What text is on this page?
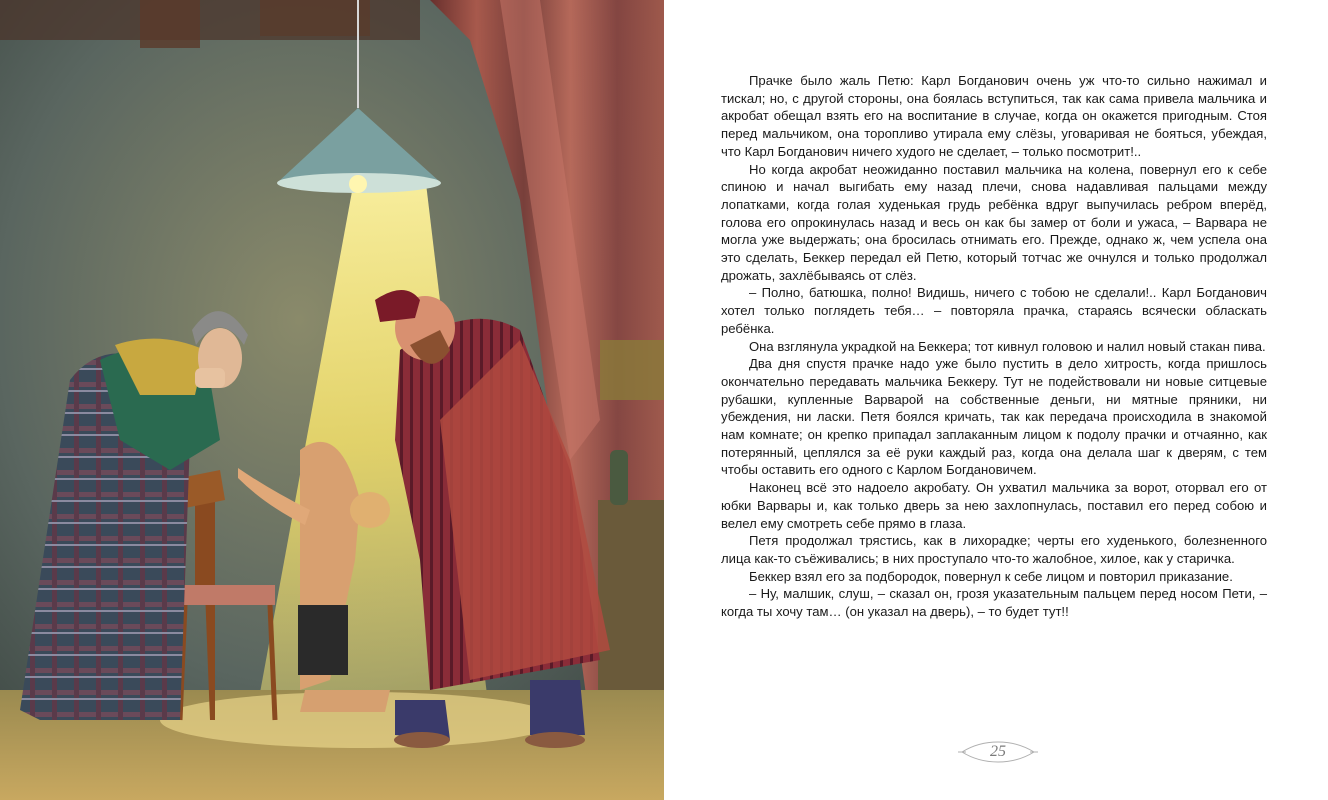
Прачке было жаль Петю: Карл Богданович очень уж что-то сильно нажимал и тискал; но, с другой стороны, она боялась вступиться, так как сама привела мальчика и акробат обещал взять его на воспитание в случае, когда он окажется пригодным. Стоя перед мальчиком, она торопливо утирала ему слёзы, уговаривая не бояться, убеждая, что Карл Богданович ничего худого не сделает, – только посмотрит!..

Но когда акробат неожиданно поставил мальчика на колена, повернул его к себе спиною и начал выгибать ему назад плечи, снова надавливая пальцами между лопатками, когда голая худенькая грудь ребёнка вдруг выпучилась ребром вперёд, голова его опрокинулась назад и весь он как бы замер от боли и ужаса, – Варвара не могла уже выдержать; она бросилась отнимать его. Прежде, однако ж, чем успела она это сделать, Беккер передал ей Петю, который тотчас же очнулся и только продолжал дрожать, захлёбываясь от слёз.

– Полно, батюшка, полно! Видишь, ничего с тобою не сделали!.. Карл Богданович хотел только поглядеть тебя… – повторяла прачка, стараясь всячески обласкать ребёнка.

Она взглянула украдкой на Беккера; тот кивнул головою и налил новый стакан пива.

Два дня спустя прачке надо уже было пустить в дело хитрость, когда пришлось окончательно передавать мальчика Беккеру. Тут не подействовали ни новые ситцевые рубашки, купленные Варварой на собственные деньги, ни мятные пряники, ни убеждения, ни ласки. Петя боялся кричать, так как передача происходила в знакомой нам комнате; он крепко припадал заплаканным лицом к подолу прачки и отчаянно, как потерянный, цеплялся за её руки каждый раз, когда она делала шаг к дверям, с тем чтобы оставить его одного с Карлом Богдановичем.

Наконец всё это надоело акробату. Он ухватил мальчика за ворот, оторвал его от юбки Варвары и, как только дверь за нею захлопнулась, поставил его перед собою и велел ему смотреть себе прямо в глаза.

Петя продолжал трястись, как в лихорадке; черты его худенького, болезненного лица как-то съёживались; в них проступало что-то жалобное, хилое, как у старичка.

Беккер взял его за подбородок, повернул к себе лицом и повторил приказание.

– Ну, малшик, слуш, – сказал он, грозя указательным пальцем перед носом Пети, – когда ты хочу там… (он указал на дверь), – то будет тут!!

25
